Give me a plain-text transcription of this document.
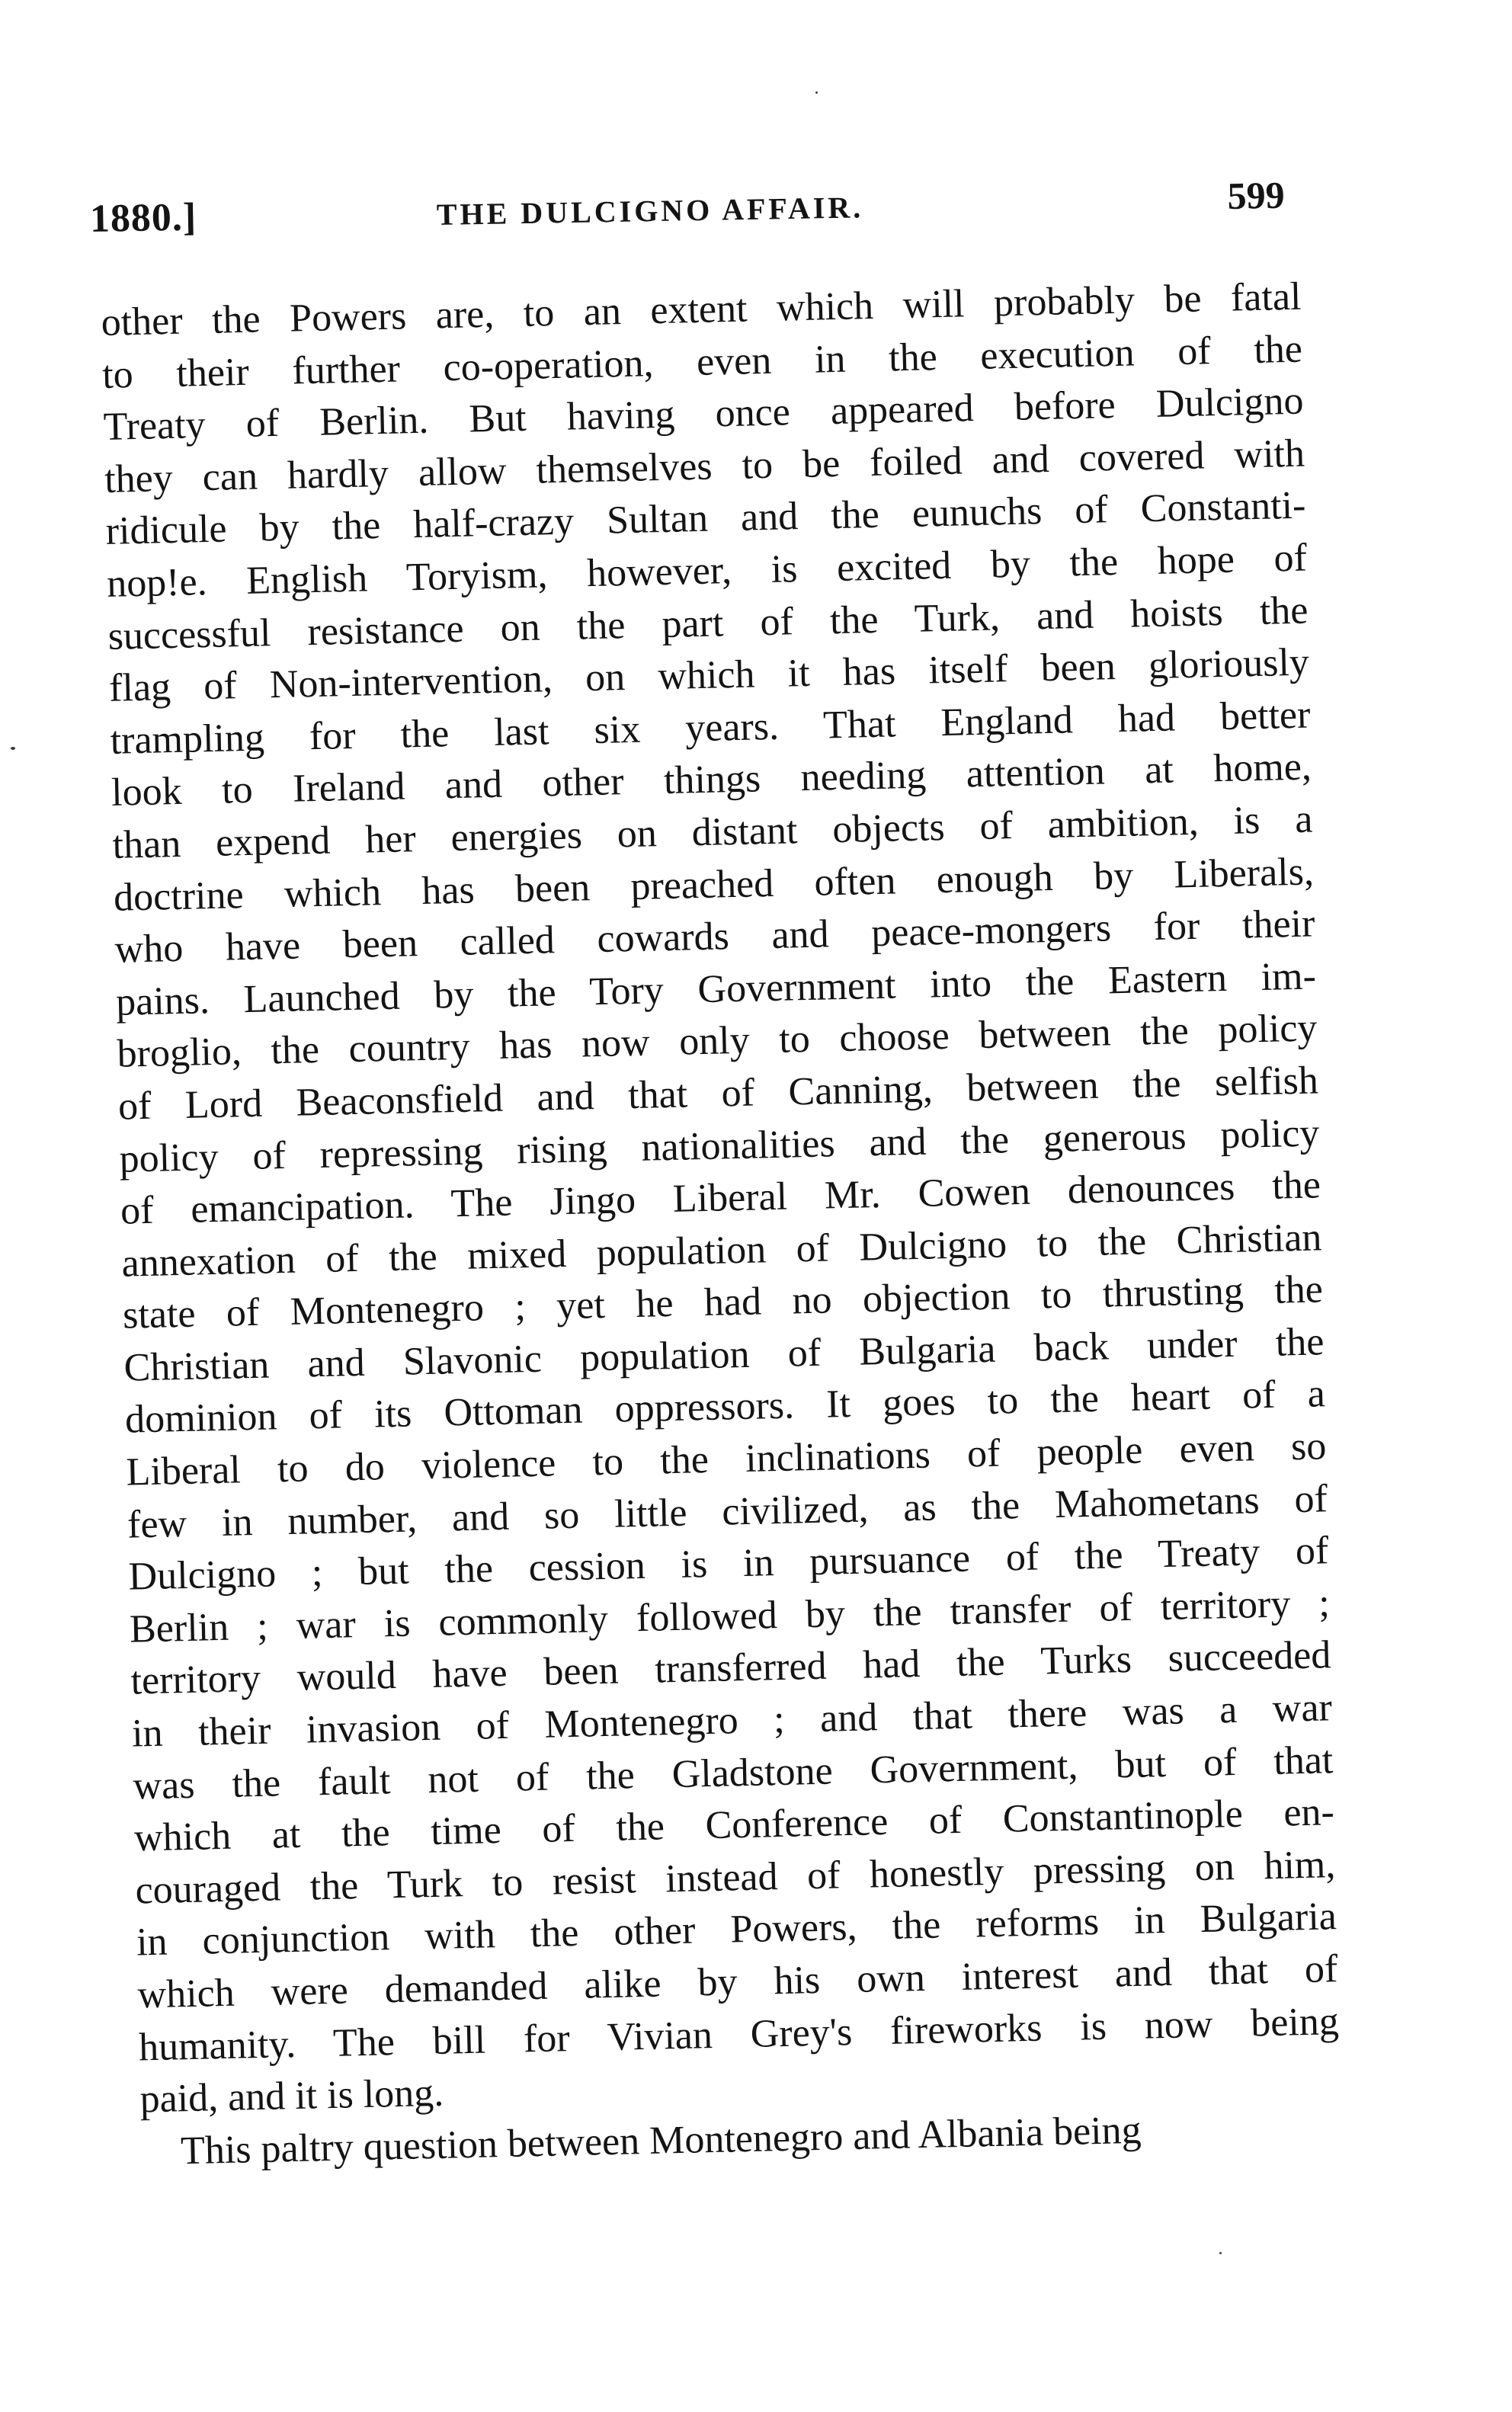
1880.]	THE DULCIGNO AFFAIR.	599
other the Powers are, to an extent which will probably be fatal
to their further co-operation, even in the execution of the
Treaty of Berlin. But having once appeared before Dulcigno
they can hardly allow themselves to be foiled and covered with
ridicule by the half-crazy Sultan and the eunuchs of Constanti-
nop!e. English Toryism, however, is excited by the hope of
successful resistance on the part of the Turk, and hoists the
flag of Non-intervention, on which it has itself been gloriously
trampling for the last six years. That England had better
look to Ireland and other things needing attention at home,
than expend her energies on distant objects of ambition, is a
doctrine which has been preached often enough by Liberals,
who have been called cowards and peace-mongers for their
pains. Launched by the Tory Government into the Eastern im-
broglio, the country has now only to choose between the policy
of Lord Beaconsfield and that of Canning, between the selfish
policy of repressing rising nationalities and the generous policy
of emancipation. The Jingo Liberal Mr. Cowen denounces the
annexation of the mixed population of Dulcigno to the Christian
state of Montenegro ; yet he had no objection to thrusting the
Christian and Slavonic population of Bulgaria back under the
dominion of its Ottoman oppressors. It goes to the heart of a
Liberal to do violence to the inclinations of people even so
few in number, and so little civilized, as the Mahometans of
Dulcigno ; but the cession is in pursuance of the Treaty of
Berlin ; war is commonly followed by the transfer of territory ;
territory would have been transferred had the Turks succeeded
in their invasion of Montenegro ; and that there was a war
was the fault not of the Gladstone Government, but of that
which at the time of the Conference of Constantinople en-
couraged the Turk to resist instead of honestly pressing on him,
in conjunction with the other Powers, the reforms in Bulgaria
which were demanded alike by his own interest and that of
humanity. The bill for Vivian Grey's fireworks is now being
paid, and it is long.
This paltry question between Montenegro and Albania being
